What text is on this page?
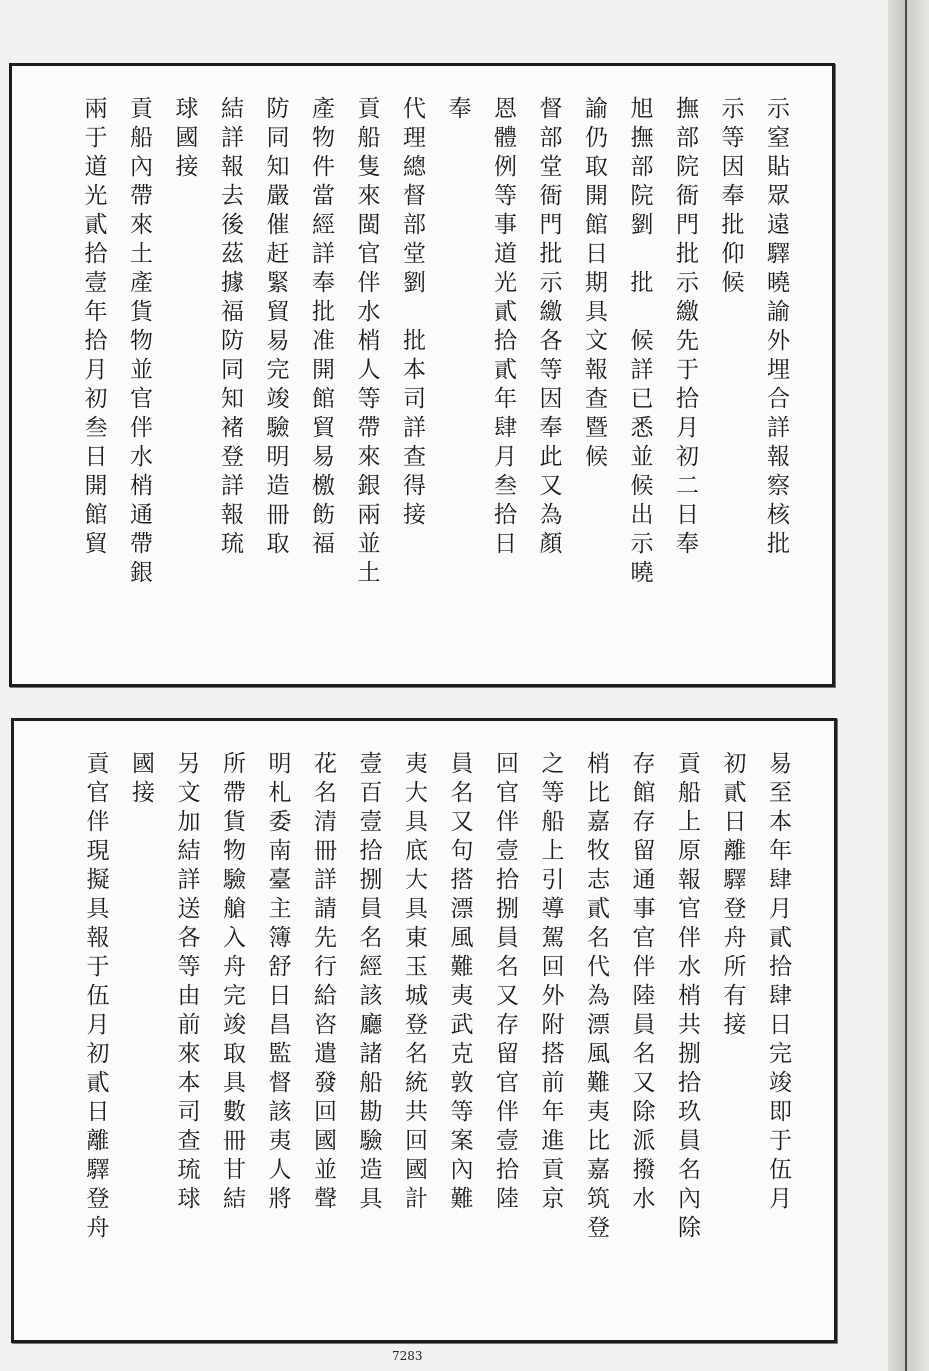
示窒貼眾遠驛曉諭外埋合詳報察核批
示等因奉批仰候
撫部院衙門批示繳先于拾月初二日奉
旭撫部院劉　批　候詳已悉並候出示曉
諭仍取開館日期具文報查暨候
督部堂衙門批示繳各等因奉此又為顏
恩體例等事道光貳拾貳年肆月叁拾日
奉
代理總督部堂劉　批本司詳查得接
貢船隻來閩官伴水梢人等帶來銀兩並土
產物件當經詳奉批准開館貿易檄飭福
防同知嚴催赶緊貿易完竣驗明造冊取
結詳報去後茲據福防同知褚登詳報琉
球國接
貢船內帶來土產貨物並官伴水梢通帶銀
兩于道光貳拾壹年拾月初叁日開館貿
易至本年肆月貳拾肆日完竣即于伍月
初貳日離驛登舟所有接
貢船上原報官伴水梢共捌拾玖員名內除
存館存留通事官伴陸員名又除派撥水
梢比嘉牧志貳名代為漂風難夷比嘉筑登
之等船上引導駕回外附搭前年進貢京
回官伴壹拾捌員名又存留官伴壹拾陸
員名又句搭漂風難夷武克敦等案內難
夷大具底大具東玉城登名統共回國計
壹百壹拾捌員名經該廳諸船勘驗造具
花名清冊詳請先行給咨遣發回國並聲
明札委南臺主簿舒日昌監督該夷人將
所帶貨物驗艙入舟完竣取具數冊甘結
另文加結詳送各等由前來本司查琉球
國接
貢官伴現擬具報于伍月初貳日離驛登舟
7283
